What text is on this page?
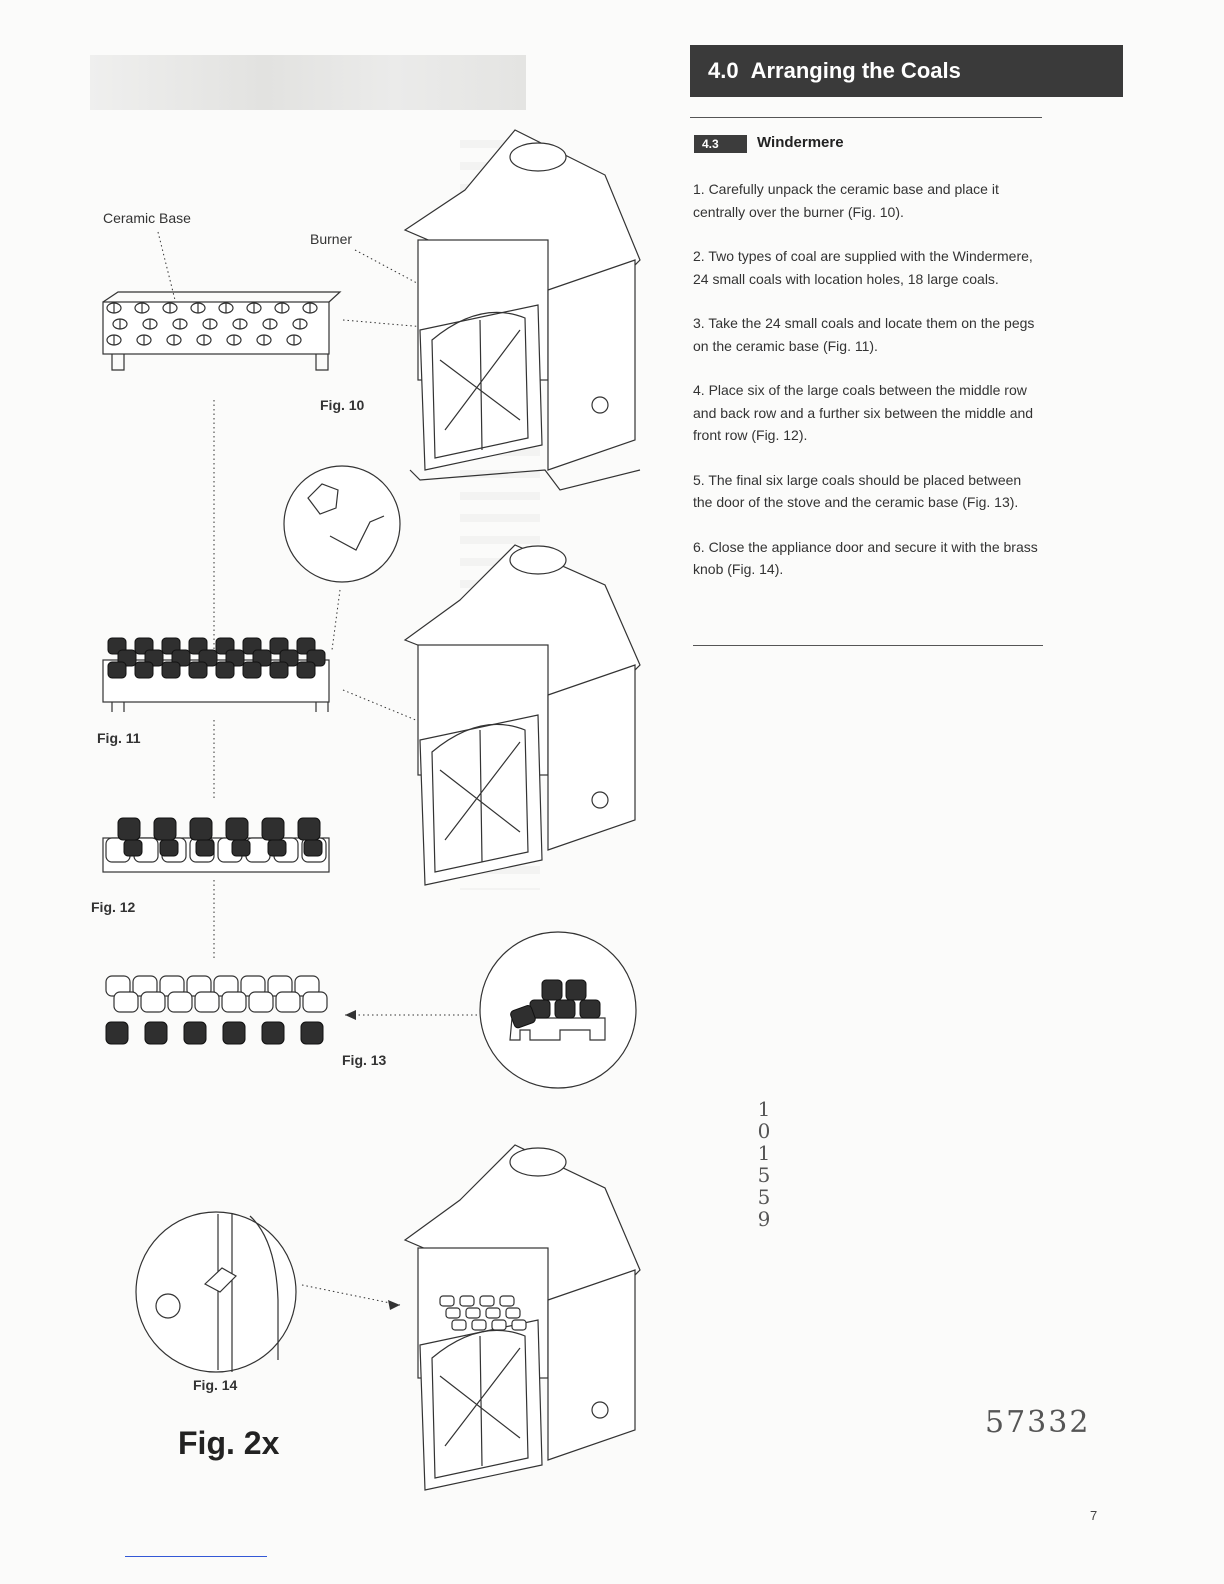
4.0 Arranging the Coals
4.3	Windermere
1. Carefully unpack the ceramic base and place it centrally over the burner (Fig. 10).
2. Two types of coal are supplied with the Windermere, 24 small coals with location holes, 18 large coals.
3. Take the 24 small coals and locate them on the pegs on the ceramic base (Fig. 11).
4. Place six of the large coals between the middle row and back row and a further six between the middle and front row (Fig. 12).
5. The final six large coals should be placed between the door of the stove and the ceramic base (Fig. 13).
6. Close the appliance door and secure it with the brass knob (Fig. 14).
Ceramic Base
Burner
Fig. 10
Fig. 11
Fig. 12
Fig. 13
Fig. 14
Fig. 2x
101559
57332
7
